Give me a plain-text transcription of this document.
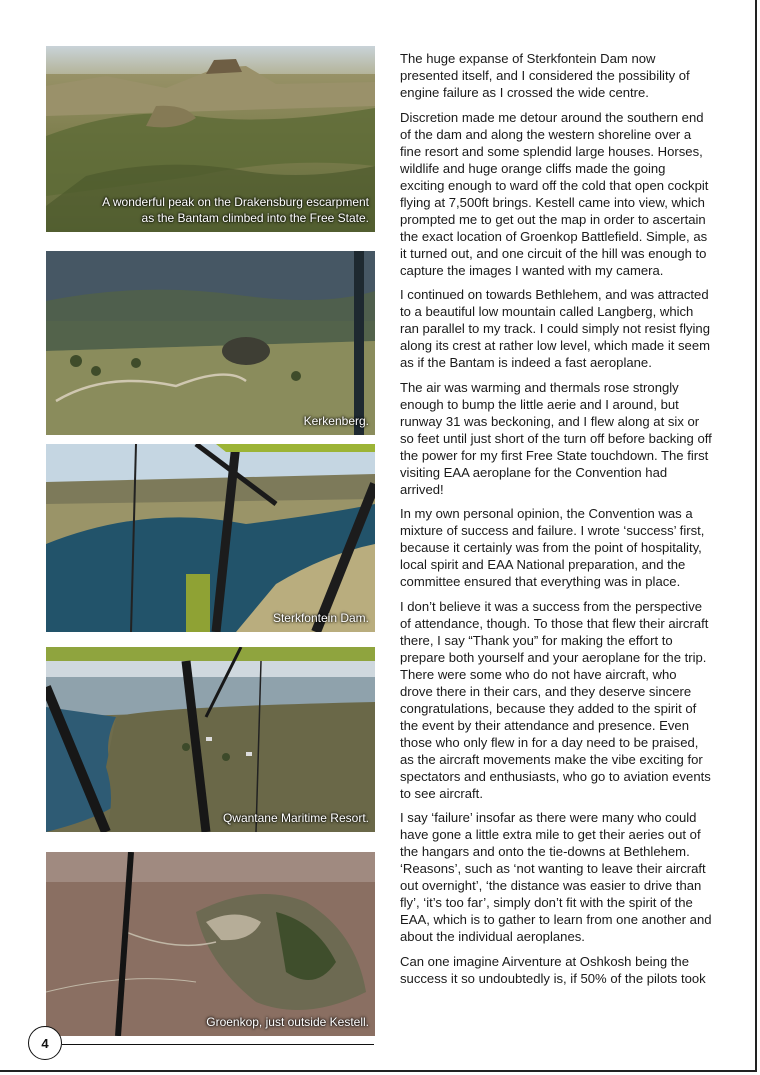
A wonderful peak on the Drakensburg escarpment
as the Bantam climbed into the Free State.
Kerkenberg.
Sterkfontein Dam.
Qwantane Maritime Resort.
Groenkop, just outside Kestell.

The huge expanse of Sterkfontein Dam now presented itself, and I considered the possibility of engine failure as I crossed the wide centre.

Discretion made me detour around the southern end of the dam and along the western shoreline over a fine resort and some splendid large houses. Horses, wildlife and huge orange cliffs made the going exciting enough to ward off the cold that open cockpit flying at 7,500ft brings. Kestell came into view, which prompted me to get out the map in order to ascertain the exact location of Groenkop Battlefield. Simple, as it turned out, and one circuit of the hill was enough to capture the images I wanted with my camera.

I continued on towards Bethlehem, and was attracted to a beautiful low mountain called Langberg, which ran parallel to my track. I could simply not resist flying along its crest at rather low level, which made it seem as if the Bantam is indeed a fast aeroplane.

The air was warming and thermals rose strongly enough to bump the little aerie and I around, but runway 31 was beckoning, and I flew along at six or so feet until just short of the turn off before backing off the power for my first Free State touchdown. The first visiting EAA aeroplane for the Convention had arrived!

In my own personal opinion, the Convention was a mixture of success and failure. I wrote ‘success’ first, because it certainly was from the point of hospitality, local spirit and EAA National preparation, and the committee ensured that everything was in place.

I don’t believe it was a success from the perspective of attendance, though. To those that flew their aircraft there, I say “Thank you” for making the effort to prepare both yourself and your aeroplane for the trip. There were some who do not have aircraft, who drove there in their cars, and they deserve sincere congratulations, because they added to the spirit of the event by their attendance and presence. Even those who only flew in for a day need to be praised, as the aircraft movements make the vibe exciting for spectators and enthusiasts, who go to aviation events to see aircraft.

I say ‘failure’ insofar as there were many who could have gone a little extra mile to get their aeries out of the hangars and onto the tie-downs at Bethlehem. ‘Reasons’, such as ‘not wanting to leave their aircraft out overnight’, ‘the distance was easier to drive than fly’, ‘it’s too far’, simply don’t fit with the spirit of the EAA, which is to gather to learn from one another and about the individual aeroplanes.

Can one imagine Airventure at Oshkosh being the success it so undoubtedly is, if 50% of the pilots took

4
